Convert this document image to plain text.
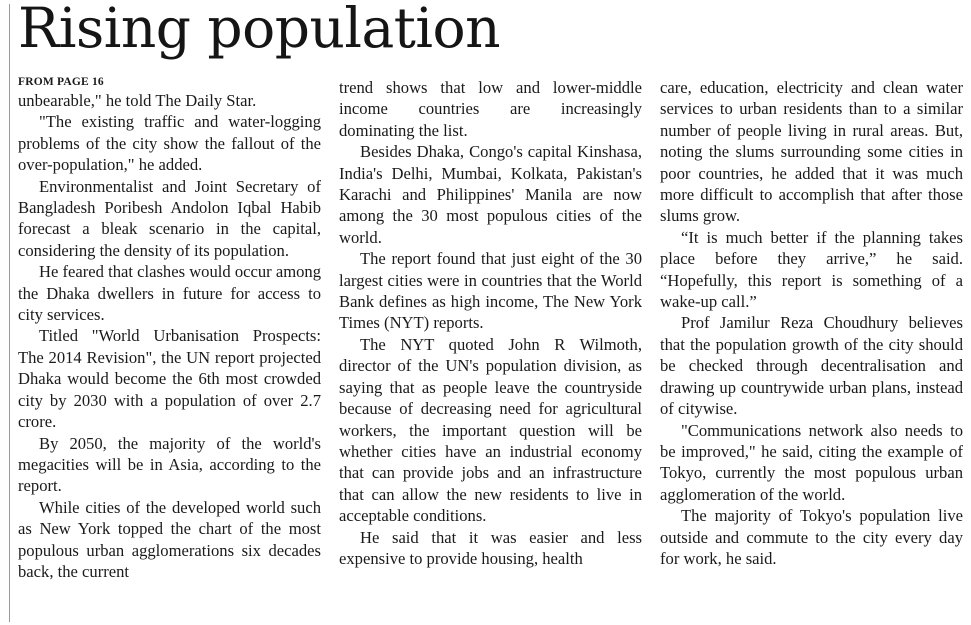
Rising population
FROM PAGE 16

unbearable," he told The Daily Star.

"The existing traffic and water-logging problems of the city show the fallout of the over-population," he added.

Environmentalist and Joint Secretary of Bangladesh Poribesh Andolon Iqbal Habib forecast a bleak scenario in the capital, considering the density of its population.

He feared that clashes would occur among the Dhaka dwellers in future for access to city services.

Titled "World Urbanisation Prospects: The 2014 Revision", the UN report projected Dhaka would become the 6th most crowded city by 2030 with a population of over 2.7 crore.

By 2050, the majority of the world's megacities will be in Asia, according to the report.

While cities of the developed world such as New York topped the chart of the most populous urban agglomerations six decades back, the current

trend shows that low and lower-middle income countries are increasingly dominating the list.

Besides Dhaka, Congo's capital Kinshasa, India's Delhi, Mumbai, Kolkata, Pakistan's Karachi and Philippines' Manila are now among the 30 most populous cities of the world.

The report found that just eight of the 30 largest cities were in countries that the World Bank defines as high income, The New York Times (NYT) reports.

The NYT quoted John R Wilmoth, director of the UN's population division, as saying that as people leave the countryside because of decreasing need for agricultural workers, the important question will be whether cities have an industrial economy that can provide jobs and an infrastructure that can allow the new residents to live in acceptable conditions.

He said that it was easier and less expensive to provide housing, health

care, education, electricity and clean water services to urban residents than to a similar number of people living in rural areas. But, noting the slums surrounding some cities in poor countries, he added that it was much more difficult to accomplish that after those slums grow.

“It is much better if the planning takes place before they arrive,” he said. “Hopefully, this report is something of a wake-up call.”

Prof Jamilur Reza Choudhury believes that the population growth of the city should be checked through decentralisation and drawing up countrywide urban plans, instead of citywise.

"Communications network also needs to be improved," he said, citing the example of Tokyo, currently the most populous urban agglomeration of the world.

The majority of Tokyo's population live outside and commute to the city every day for work, he said.
